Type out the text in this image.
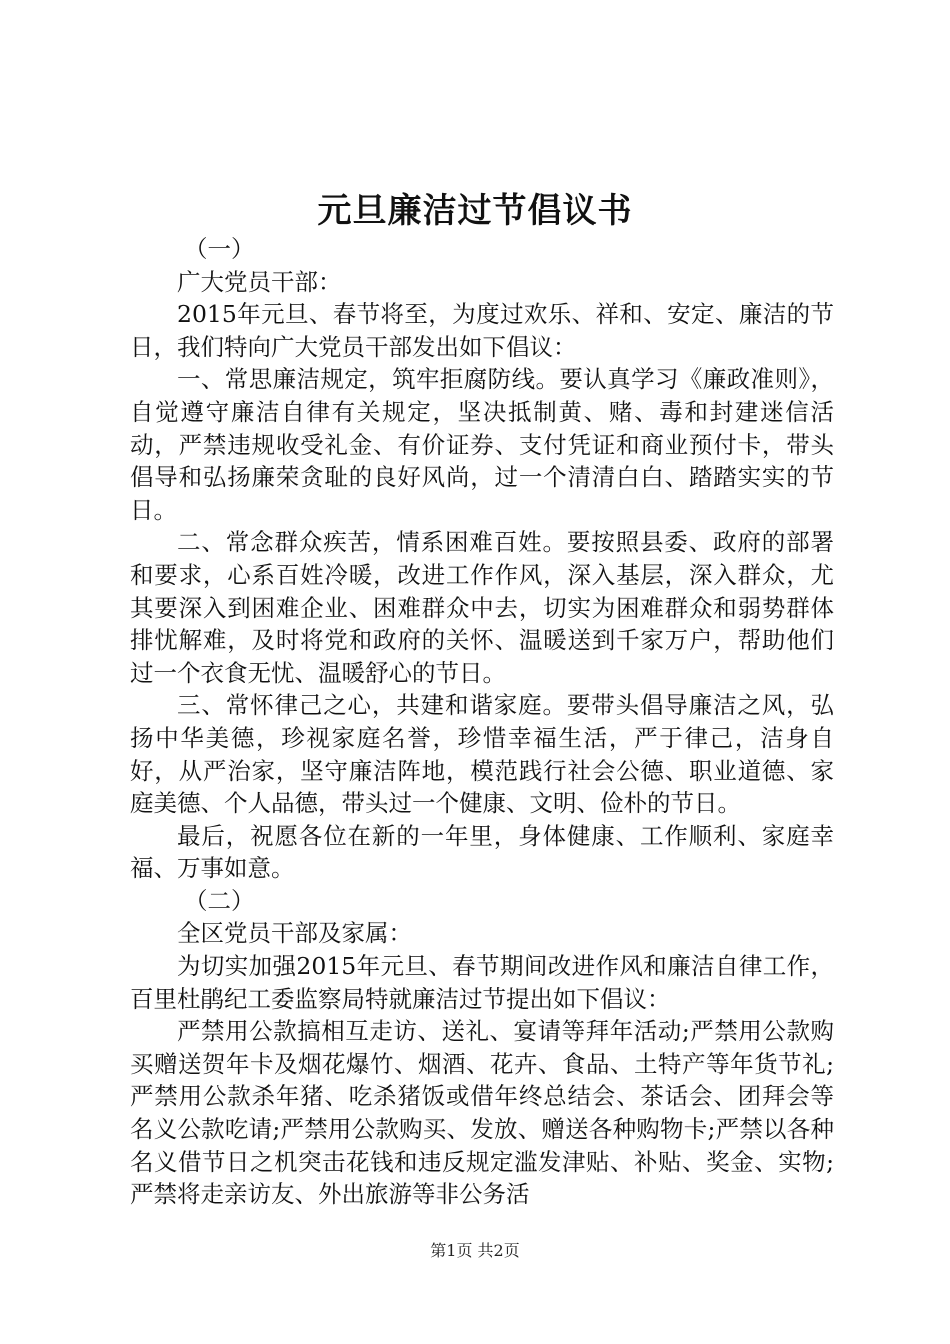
元旦廉洁过节倡议书

（一）

广大党员干部：

2015年元旦、春节将至，为度过欢乐、祥和、安定、廉洁的节日，我们特向广大党员干部发出如下倡议：

一、常思廉洁规定，筑牢拒腐防线。要认真学习《廉政准则》，自觉遵守廉洁自律有关规定，坚决抵制黄、赌、毒和封建迷信活动，严禁违规收受礼金、有价证券、支付凭证和商业预付卡，带头倡导和弘扬廉荣贪耻的良好风尚，过一个清清白白、踏踏实实的节日。

二、常念群众疾苦，情系困难百姓。要按照县委、政府的部署和要求，心系百姓冷暖，改进工作作风，深入基层，深入群众，尤其要深入到困难企业、困难群众中去，切实为困难群众和弱势群体排忧解难，及时将党和政府的关怀、温暖送到千家万户，帮助他们过一个衣食无忧、温暖舒心的节日。

三、常怀律己之心，共建和谐家庭。要带头倡导廉洁之风，弘扬中华美德，珍视家庭名誉，珍惜幸福生活，严于律己，洁身自好，从严治家，坚守廉洁阵地，模范践行社会公德、职业道德、家庭美德、个人品德，带头过一个健康、文明、俭朴的节日。

最后，祝愿各位在新的一年里，身体健康、工作顺利、家庭幸福、万事如意。

（二）

全区党员干部及家属：

为切实加强2015年元旦、春节期间改进作风和廉洁自律工作，百里杜鹃纪工委监察局特就廉洁过节提出如下倡议：

严禁用公款搞相互走访、送礼、宴请等拜年活动;严禁用公款购买赠送贺年卡及烟花爆竹、烟酒、花卉、食品、土特产等年货节礼;严禁用公款杀年猪、吃杀猪饭或借年终总结会、茶话会、团拜会等名义公款吃请;严禁用公款购买、发放、赠送各种购物卡;严禁以各种名义借节日之机突击花钱和违反规定滥发津贴、补贴、奖金、实物;严禁将走亲访友、外出旅游等非公务活

第1页 共2页
